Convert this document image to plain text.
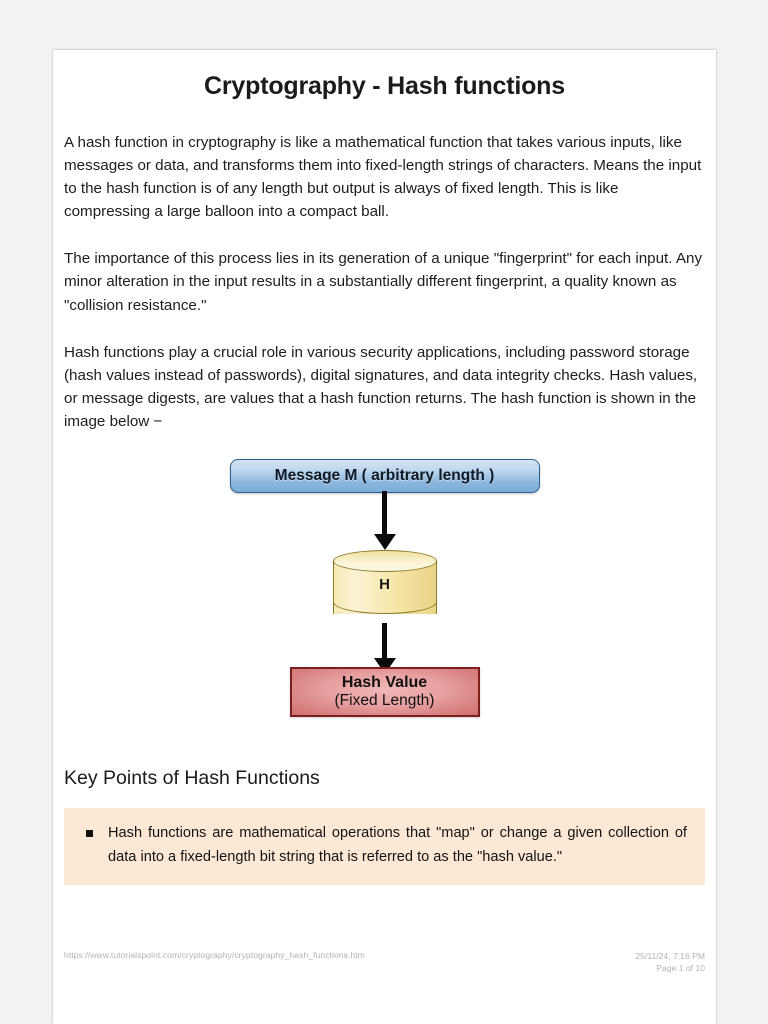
Cryptography - Hash functions

A hash function in cryptography is like a mathematical function that takes various inputs, like messages or data, and transforms them into fixed-length strings of characters. Means the input to the hash function is of any length but output is always of fixed length. This is like compressing a large balloon into a compact ball.

The importance of this process lies in its generation of a unique "fingerprint" for each input. Any minor alteration in the input results in a substantially different fingerprint, a quality known as "collision resistance."

Hash functions play a crucial role in various security applications, including password storage (hash values instead of passwords), digital signatures, and data integrity checks. Hash values, or message digests, are values that a hash function returns. The hash function is shown in the image below −

Message M ( arbitrary length )
H
Hash Value
(Fixed Length)
Key Points of Hash Functions
Hash functions are mathematical operations that "map" or change a given collection of data into a fixed-length bit string that is referred to as the "hash value."
https://www.tutorialspoint.com/cryptography/cryptography_hash_functions.htm	25/11/24, 7:16 PM
Page 1 of 10
